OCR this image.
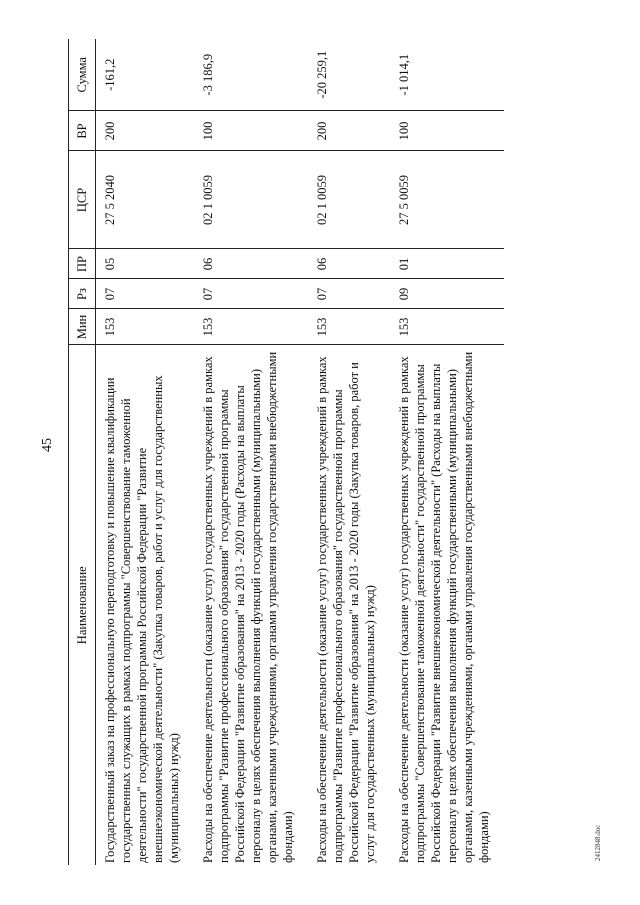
45
Наименование	Мин	Рз	ПР	ЦСР	ВР	Сумма
Государственный заказ на профессиональную переподготовку и повышение квалификации государственных служащих в рамках подпрограммы "Совершенствование таможенной деятельности" государственной программы Российской Федерации "Развитие внешнеэкономической деятельности" (Закупка товаров, работ и услуг для государственных (муниципальных) нужд)	153	07	05	27 5 2040	200	-161,2
Расходы на обеспечение деятельности (оказание услуг) государственных учреждений в рамках подпрограммы "Развитие профессионального образования" государственной программы Российской Федерации "Развитие образования" на 2013 - 2020 годы (Расходы на выплаты персоналу в целях обеспечения выполнения функций государственными (муниципальными) органами, казенными учреждениями, органами управления государственными внебюджетными фондами)	153	07	06	02 1 0059	100	-3 186,9
Расходы на обеспечение деятельности (оказание услуг) государственных учреждений в рамках подпрограммы "Развитие профессионального образования" государственной программы Российской Федерации "Развитие образования" на 2013 - 2020 годы (Закупка товаров, работ и услуг для государственных (муниципальных) нужд)	153	07	06	02 1 0059	200	-20 259,1
Расходы на обеспечение деятельности (оказание услуг) государственных учреждений в рамках подпрограммы "Совершенствование таможенной деятельности" государственной программы Российской Федерации "Развитие внешнеэкономической деятельности" (Расходы на выплаты персоналу в целях обеспечения выполнения функций государственными (муниципальными) органами, казенными учреждениями, органами управления государственными внебюджетными фондами)	153	09	01	27 5 0059	100	-1 014,1
2412848.doc
